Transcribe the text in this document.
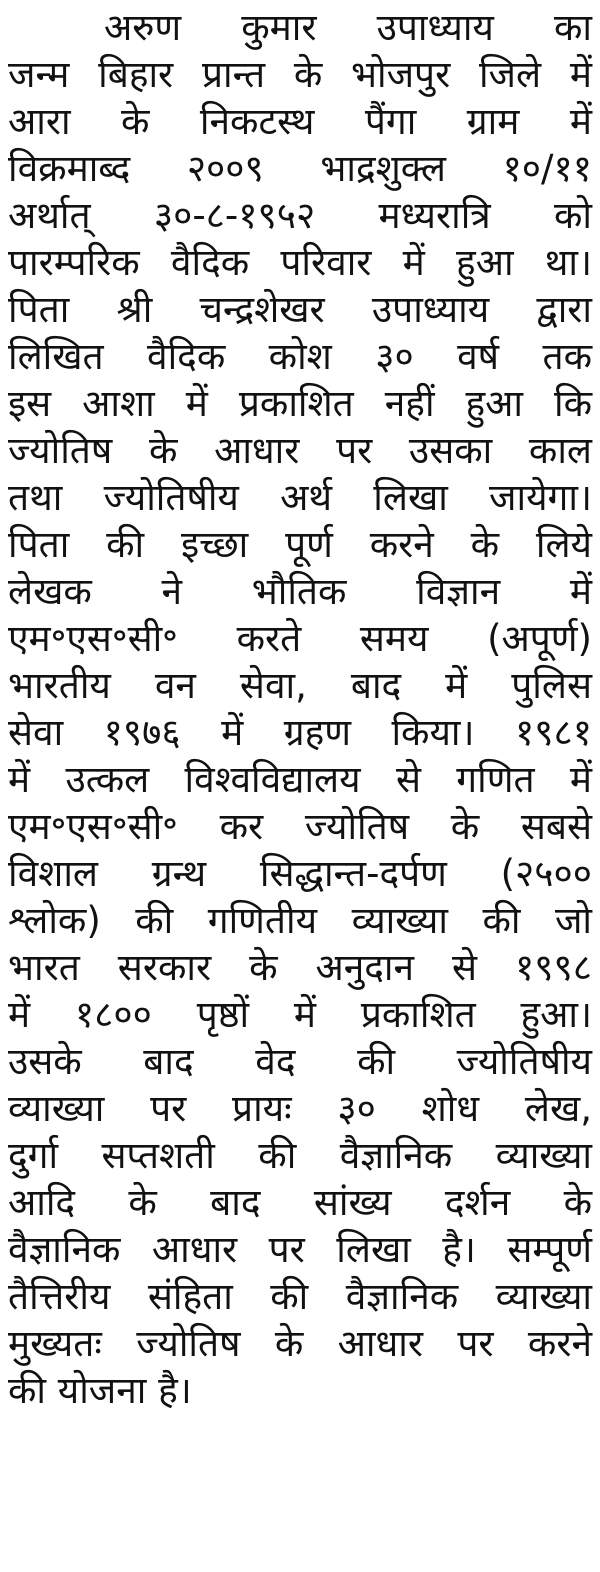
अरुण कुमार उपाध्याय का
जन्म बिहार प्रान्त के भोजपुर जिले में
आरा के निकटस्थ पैंगा ग्राम में
विक्रमाब्द २००९ भाद्रशुक्ल १०/११
अर्थात् ३०-८-१९५२ मध्यरात्रि को
पारम्परिक वैदिक परिवार में हुआ था।
पिता श्री चन्द्रशेखर उपाध्याय द्वारा
लिखित वैदिक कोश ३० वर्ष तक
इस आशा में प्रकाशित नहीं हुआ कि
ज्योतिष के आधार पर उसका काल
तथा ज्योतिषीय अर्थ लिखा जायेगा।
पिता की इच्छा पूर्ण करने के लिये
लेखक ने भौतिक विज्ञान में
एम॰एस॰सी॰ करते समय (अपूर्ण)
भारतीय वन सेवा, बाद में पुलिस
सेवा १९७६ में ग्रहण किया। १९८१
में उत्कल विश्वविद्यालय से गणित में
एम॰एस॰सी॰ कर ज्योतिष के सबसे
विशाल ग्रन्थ सिद्धान्त-दर्पण (२५००
श्लोक) की गणितीय व्याख्या की जो
भारत सरकार के अनुदान से १९९८
में १८०० पृष्ठों में प्रकाशित हुआ।
उसके बाद वेद की ज्योतिषीय
व्याख्या पर प्रायः ३० शोध लेख,
दुर्गा सप्तशती की वैज्ञानिक व्याख्या
आदि के बाद सांख्य दर्शन के
वैज्ञानिक आधार पर लिखा है। सम्पूर्ण
तैत्तिरीय संहिता की वैज्ञानिक व्याख्या
मुख्यतः ज्योतिष के आधार पर करने
की योजना है।
